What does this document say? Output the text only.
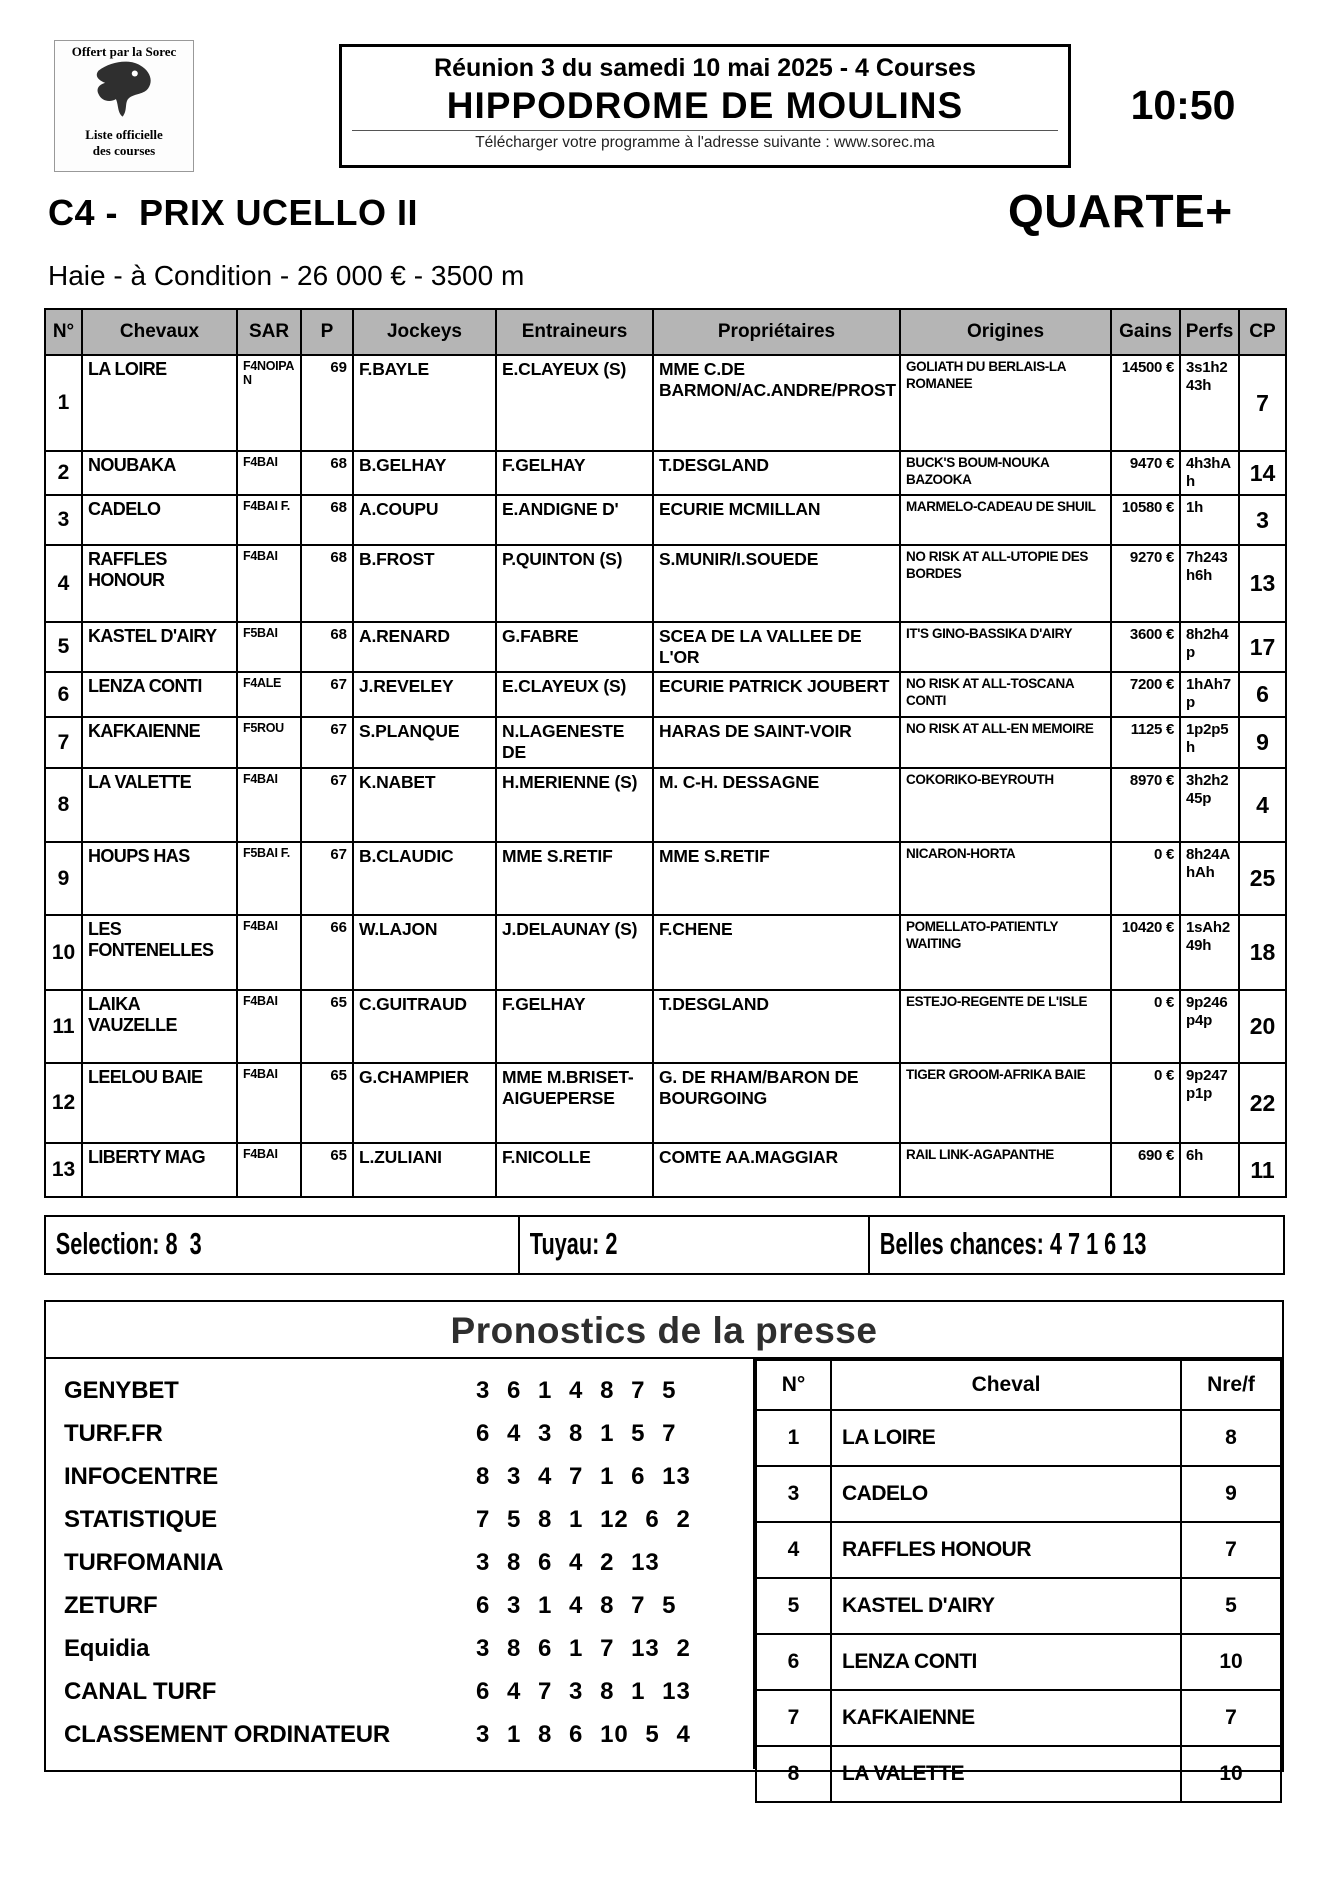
Offert par la Sorec
Liste officielle
des courses
Réunion 3 du samedi 10 mai 2025 - 4 Courses
HIPPODROME DE MOULINS
Télécharger votre programme à l'adresse suivante : www.sorec.ma
10:50
C4 -  PRIX UCELLO II	QUARTE+
Haie - à Condition - 26 000 € - 3500 m
N°	Chevaux	SAR	P	Jockeys	Entraineurs	Propriétaires	Origines	Gains	Perfs	CP
1	LA LOIRE	F4NOIPAN	69	F.BAYLE	E.CLAYEUX (S)	MME C.DE BARMON/AC.ANDRE/PROST	GOLIATH DU BERLAIS-LA ROMANEE	14500 €	3s1h243h	7
2	NOUBAKA	F4BAI	68	B.GELHAY	F.GELHAY	T.DESGLAND	BUCK'S BOUM-NOUKA BAZOOKA	9470 €	4h3hAh	14
3	CADELO	F4BAI F.	68	A.COUPU	E.ANDIGNE D'	ECURIE MCMILLAN	MARMELO-CADEAU DE SHUIL	10580 €	1h	3
4	RAFFLES HONOUR	F4BAI	68	B.FROST	P.QUINTON (S)	S.MUNIR/I.SOUEDE	NO RISK AT ALL-UTOPIE DES BORDES	9270 €	7h243h6h	13
5	KASTEL D'AIRY	F5BAI	68	A.RENARD	G.FABRE	SCEA DE LA VALLEE DE L'OR	IT'S GINO-BASSIKA D'AIRY	3600 €	8h2h4p	17
6	LENZA CONTI	F4ALE	67	J.REVELEY	E.CLAYEUX (S)	ECURIE PATRICK JOUBERT	NO RISK AT ALL-TOSCANA CONTI	7200 €	1hAh7p	6
7	KAFKAIENNE	F5ROU	67	S.PLANQUE	N.LAGENESTE DE	HARAS DE SAINT-VOIR	NO RISK AT ALL-EN MEMOIRE	1125 €	1p2p5h	9
8	LA VALETTE	F4BAI	67	K.NABET	H.MERIENNE (S)	M. C-H. DESSAGNE	COKORIKO-BEYROUTH	8970 €	3h2h245p	4
9	HOUPS HAS	F5BAI F.	67	B.CLAUDIC	MME S.RETIF	MME S.RETIF	NICARON-HORTA	0 €	8h24AhAh	25
10	LES FONTENELLES	F4BAI	66	W.LAJON	J.DELAUNAY (S)	F.CHENE	POMELLATO-PATIENTLY WAITING	10420 €	1sAh249h	18
11	LAIKA VAUZELLE	F4BAI	65	C.GUITRAUD	F.GELHAY	T.DESGLAND	ESTEJO-REGENTE DE L'ISLE	0 €	9p246p4p	20
12	LEELOU BAIE	F4BAI	65	G.CHAMPIER	MME M.BRISET-AIGUEPERSE	G. DE RHAM/BARON DE BOURGOING	TIGER GROOM-AFRIKA BAIE	0 €	9p247p1p	22
13	LIBERTY MAG	F4BAI	65	L.ZULIANI	F.NICOLLE	COMTE AA.MAGGIAR	RAIL LINK-AGAPANTHE	690 €	6h	11
Selection: 8  3	Tuyau: 2	Belles chances: 4 7 1 6 13
Pronostics de la presse
GENYBET	3 6 1 4 8 7 5
TURF.FR	6 4 3 8 1 5 7
INFOCENTRE	8 3 4 7 1 6 13
STATISTIQUE	7 5 8 1 12 6 2
TURFOMANIA	3 8 6 4 2 13
ZETURF	6 3 1 4 8 7 5
Equidia	3 8 6 1 7 13 2
CANAL TURF	6 4 7 3 8 1 13
CLASSEMENT ORDINATEUR	3 1 8 6 10 5 4
N°	Cheval	Nre/f
1	LA LOIRE	8
3	CADELO	9
4	RAFFLES HONOUR	7
5	KASTEL D'AIRY	5
6	LENZA CONTI	10
7	KAFKAIENNE	7
8	LA VALETTE	10
